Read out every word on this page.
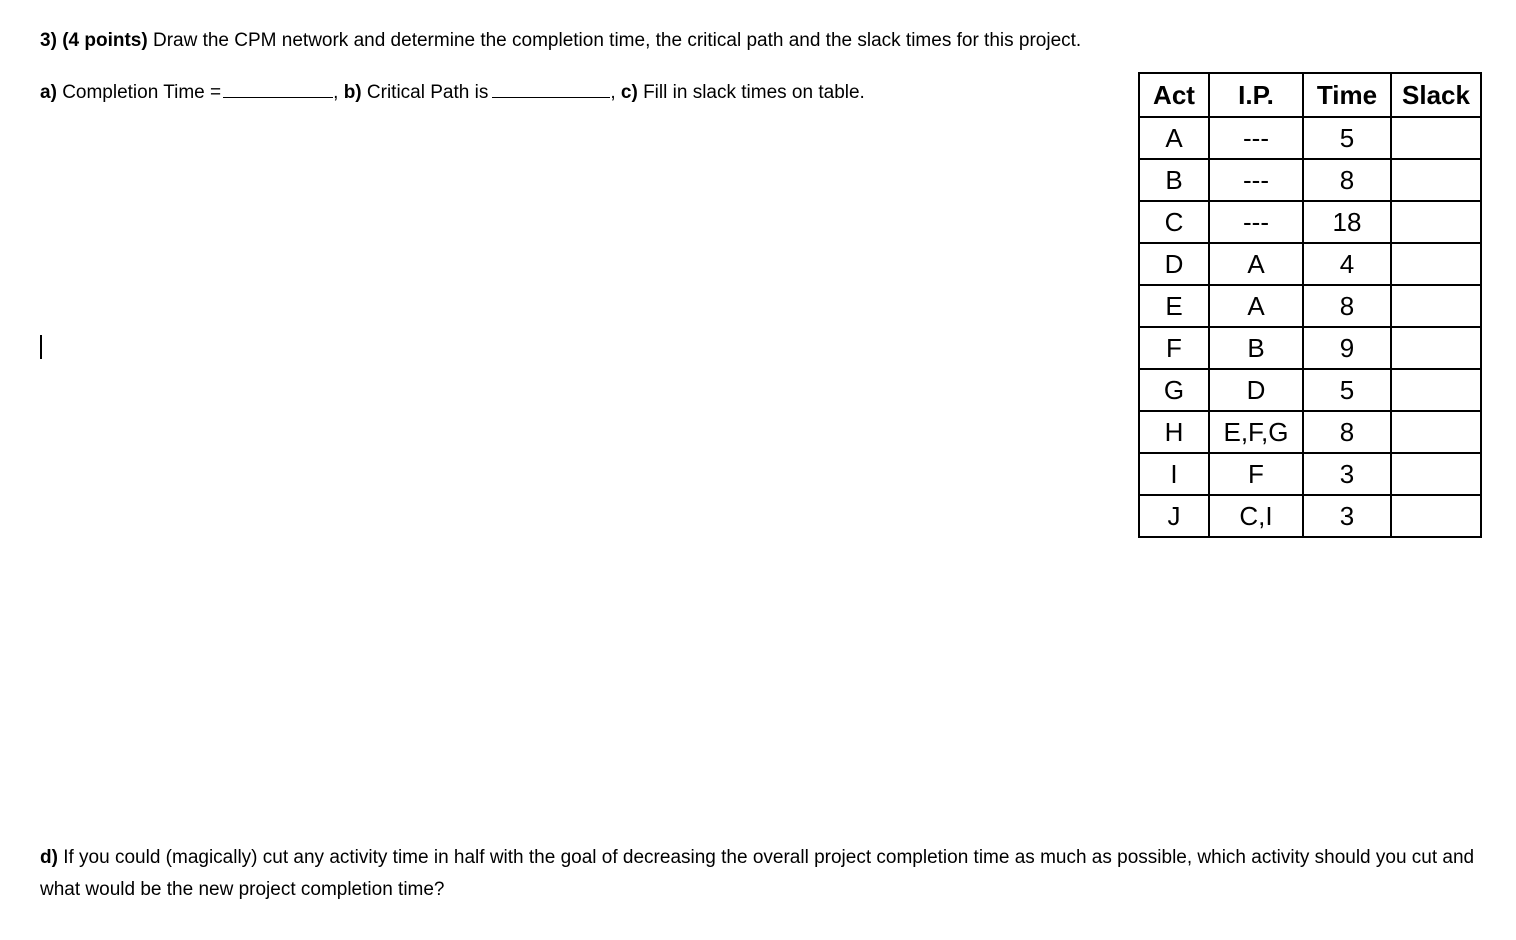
3) (4 points) Draw the CPM network and determine the completion time, the critical path and the slack times for this project.
a) Completion Time =	, b) Critical Path is	, c) Fill in slack times on table.	Act	I.P.	Time	Slack
A	---	5	
B	---	8	
C	---	18	
D	A	4	
E	A	8	
F	B	9	
G	D	5	
H	E,F,G	8	
I	F	3	
J	C,I	3	
d) If you could (magically) cut any activity time in half with the goal of decreasing the overall project completion time as much as possible, which activity should you cut and what would be the new project completion time?
